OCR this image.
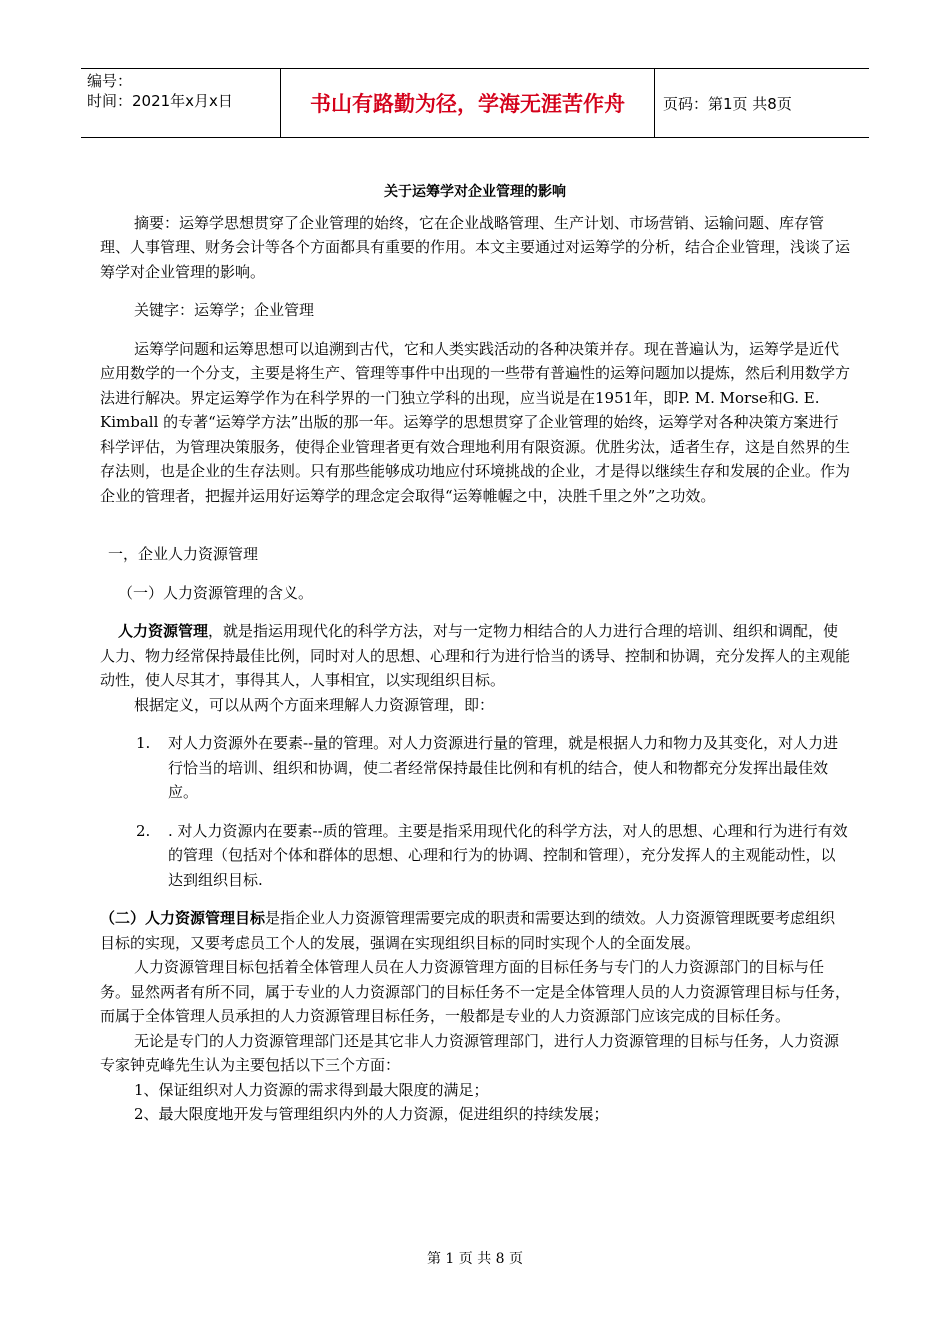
编号：
时间：2021年x月x日	书山有路勤为径，学海无涯苦作舟	页码：第1页 共8页

关于运筹学对企业管理的影响

摘要：运筹学思想贯穿了企业管理的始终，它在企业战略管理、生产计划、市场营销、运输问题、库存管理、人事管理、财务会计等各个方面都具有重要的作用。本文主要通过对运筹学的分析，结合企业管理，浅谈了运筹学对企业管理的影响。

关键字：运筹学；企业管理

运筹学问题和运筹思想可以追溯到古代，它和人类实践活动的各种决策并存。现在普遍认为，运筹学是近代应用数学的一个分支，主要是将生产、管理等事件中出现的一些带有普遍性的运筹问题加以提炼，然后利用数学方法进行解决。界定运筹学作为在科学界的一门独立学科的出现，应当说是在1951年，即P. M. Morse和G. E. Kimball 的专著“运筹学方法”出版的那一年。运筹学的思想贯穿了企业管理的始终，运筹学对各种决策方案进行科学评估，为管理决策服务，使得企业管理者更有效合理地利用有限资源。优胜劣汰，适者生存，这是自然界的生存法则，也是企业的生存法则。只有那些能够成功地应付环境挑战的企业，才是得以继续生存和发展的企业。作为企业的管理者，把握并运用好运筹学的理念定会取得“运筹帷幄之中，决胜千里之外”之功效。

一，企业人力资源管理

（一）人力资源管理的含义。

人力资源管理，就是指运用现代化的科学方法，对与一定物力相结合的人力进行合理的培训、组织和调配，使人力、物力经常保持最佳比例，同时对人的思想、心理和行为进行恰当的诱导、控制和协调，充分发挥人的主观能动性，使人尽其才，事得其人，人事相宜，以实现组织目标。

根据定义，可以从两个方面来理解人力资源管理，即：

1.	对人力资源外在要素--量的管理。对人力资源进行量的管理，就是根据人力和物力及其变化，对人力进行恰当的培训、组织和协调，使二者经常保持最佳比例和有机的结合，使人和物都充分发挥出最佳效应。
2.	. 对人力资源内在要素--质的管理。主要是指采用现代化的科学方法，对人的思想、心理和行为进行有效的管理（包括对个体和群体的思想、心理和行为的协调、控制和管理），充分发挥人的主观能动性，以达到组织目标.

（二）人力资源管理目标是指企业人力资源管理需要完成的职责和需要达到的绩效。人力资源管理既要考虑组织目标的实现，又要考虑员工个人的发展，强调在实现组织目标的同时实现个人的全面发展。

人力资源管理目标包括着全体管理人员在人力资源管理方面的目标任务与专门的人力资源部门的目标与任务。显然两者有所不同，属于专业的人力资源部门的目标任务不一定是全体管理人员的人力资源管理目标与任务，而属于全体管理人员承担的人力资源管理目标任务，一般都是专业的人力资源部门应该完成的目标任务。

无论是专门的人力资源管理部门还是其它非人力资源管理部门，进行人力资源管理的目标与任务，人力资源专家钟克峰先生认为主要包括以下三个方面：

1、保证组织对人力资源的需求得到最大限度的满足；

2、最大限度地开发与管理组织内外的人力资源，促进组织的持续发展；

第 1 页 共 8 页
